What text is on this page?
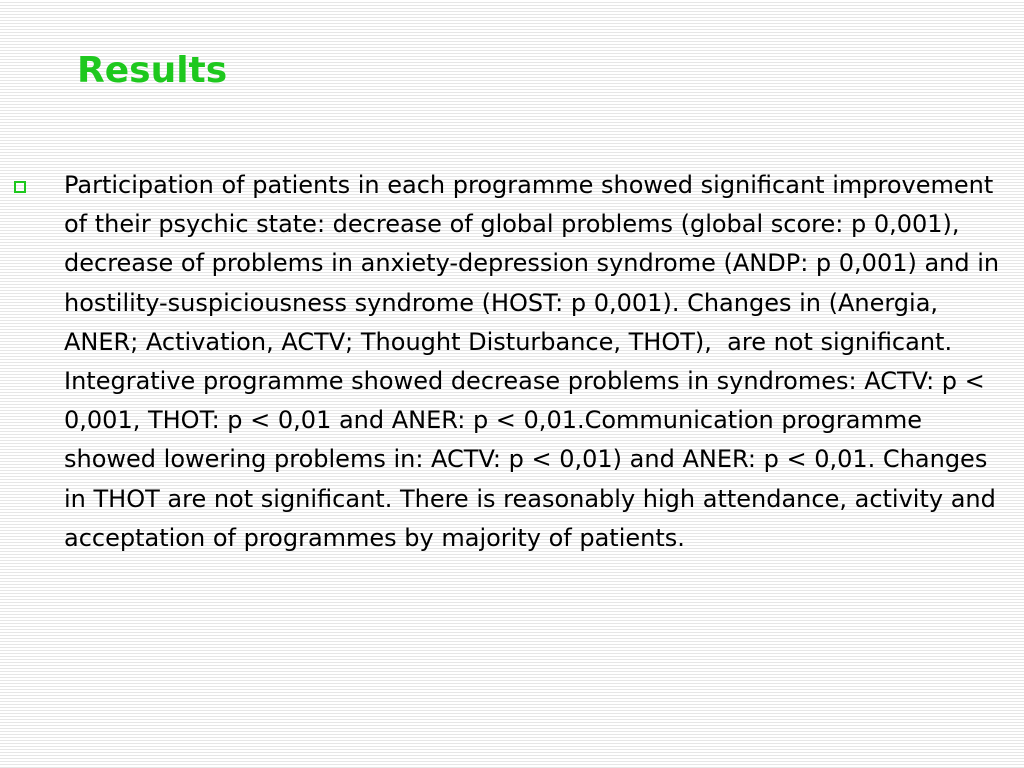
Results
Participation of patients in each programme showed significant improvement of their psychic state: decrease of global problems (global score: p 0,001), decrease of problems in anxiety-depression syndrome (ANDP: p 0,001) and in hostility-suspiciousness syndrome (HOST: p 0,001). Changes in (Anergia, ANER; Activation, ACTV; Thought Disturbance, THOT),  are not significant. Integrative programme showed decrease problems in syndromes: ACTV: p < 0,001, THOT: p < 0,01 and ANER: p < 0,01.Communication programme showed lowering problems in: ACTV: p < 0,01) and ANER: p < 0,01. Changes in THOT are not significant. There is reasonably high attendance, activity and acceptation of programmes by majority of patients.
